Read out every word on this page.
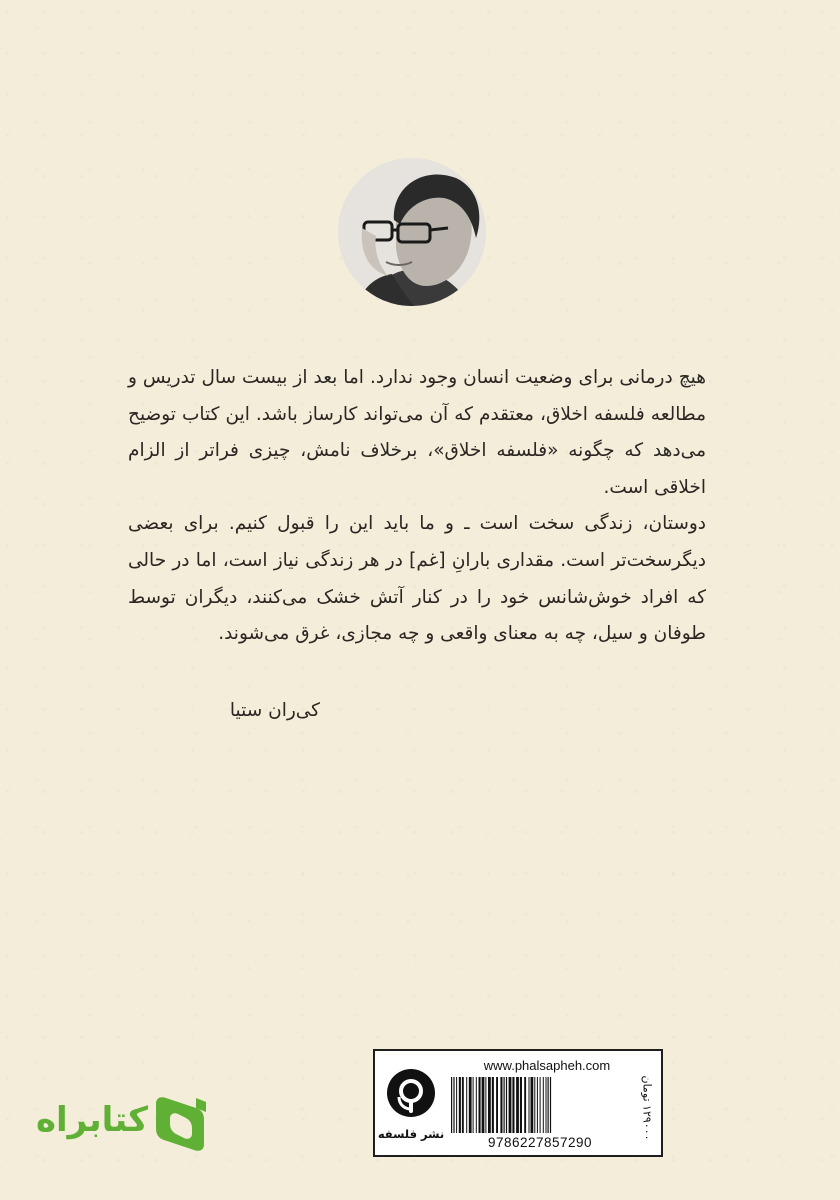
هیچ درمانی برای وضعیت انسان وجود ندارد. اما بعد از بیست سال تدریس و مطالعه فلسفه اخلاق، معتقدم که آن می‌تواند کارساز باشد. این کتاب توضیح می‌دهد که چگونه «فلسفه اخلاق»، برخلاف نامش، چیزی فراتر از الزام اخلاقی است.

دوستان، زندگی سخت است ـ و ما باید این را قبول کنیم. برای بعضی دیگرسخت‌تر است. مقداری بارانِ [غم] در هر زندگی نیاز است، اما در حالی که افراد خوش‌شانس خود را در کنار آتش خشک می‌کنند، دیگران توسط طوفان و سیل، چه به معنای واقعی و چه مجازی، غرق می‌شوند.

کی‌ران ستیا
کتابراه	نشر فلسفه
www.phalsapheh.com
9786227857290
۱۲۹۰۰۰ تومان
